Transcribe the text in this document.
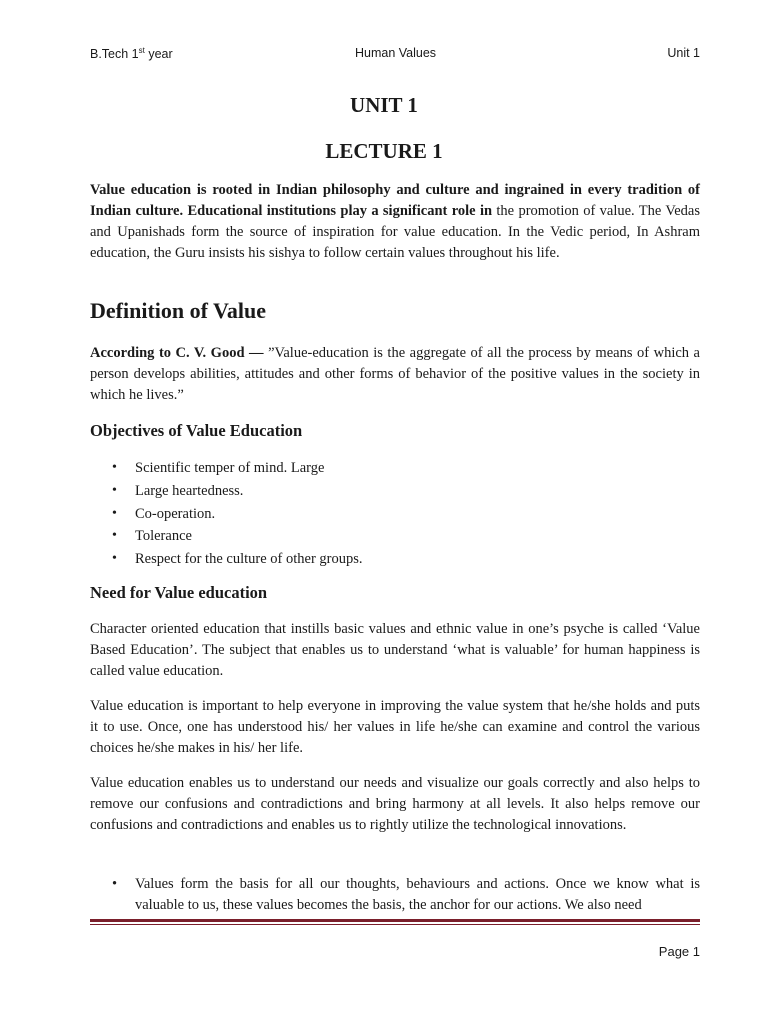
B.Tech 1st year	Human Values	Unit 1
UNIT 1
LECTURE 1
Value education is rooted in Indian philosophy and culture and ingrained in every tradition of Indian culture. Educational institutions play a significant role in the promotion of value. The Vedas and Upanishads form the source of inspiration for value education. In the Vedic period, In Ashram education, the Guru insists his sishya to follow certain values throughout his life.
Definition of Value
According to C. V. Good — ”Value-education is the aggregate of all the process by means of which a person develops abilities, attitudes and other forms of behavior of the positive values in the society in which he lives.”
Objectives of Value Education
• Scientific temper of mind. Large
• Large heartedness.
• Co-operation.
• Tolerance
• Respect for the culture of other groups.
Need for Value education
Character oriented education that instills basic values and ethnic value in one’s psyche is called ‘Value Based Education’. The subject that enables us to understand ‘what is valuable’ for human happiness is called value education.
Value education is important to help everyone in improving the value system that he/she holds and puts it to use. Once, one has understood his/ her values in life he/she can examine and control the various choices he/she makes in his/ her life.
Value education enables us to understand our needs and visualize our goals correctly and also helps to remove our confusions and contradictions and bring harmony at all levels. It also helps remove our confusions and contradictions and enables us to rightly utilize the technological innovations.
•	Values form the basis for all our thoughts, behaviours and actions. Once we know what is valuable to us, these values becomes the basis, the anchor for our actions. We also need
Page 1
